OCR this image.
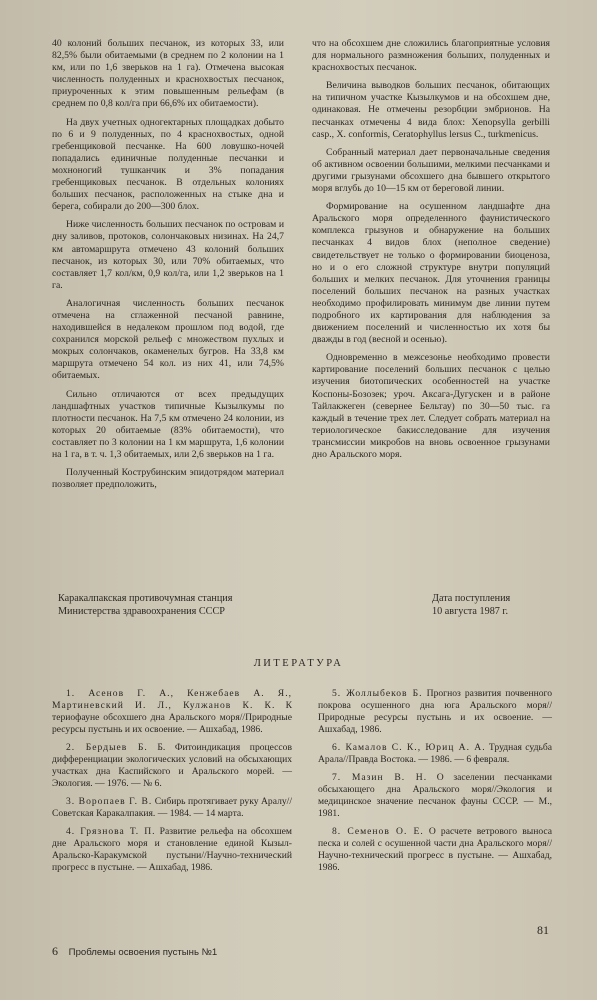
40 колоний больших песчанок, из которых 33, или 82,5% были обитаемыми (в среднем по 2 колонии на 1 км, или по 1,6 зверьков на 1 га). Отмечена высокая численность полуденных и краснохвостых песчанок, приуроченных к этим повышенным рельефам (в среднем по 0,8 кол/га при 66,6% их обитаемости).

На двух учетных одногектарных площадках добыто по 6 и 9 полуденных, по 4 краснохвостых, одной гребенщиковой песчанке. На 600 ловушко-ночей попадались единичные полуденные песчанки и мохноногий тушканчик и 3% попадания гребенщиковых песчанок. В отдельных колониях больших песчанок, расположенных на стыке дна и берега, собирали до 200—300 блох.

Ниже численность больших песчанок по островам и дну заливов, протоков, солончаковых низинах. На 24,7 км автомаршрута отмечено 43 колоний больших песчанок, из которых 30, или 70% обитаемых, что составляет 1,7 кол/км, 0,9 кол/га, или 1,2 зверьков на 1 га.

Аналогичная численность больших песчанок отмечена на сглаженной песчаной равнине, находившейся в недалеком прошлом под водой, где сохранился морской рельеф с множеством пухлых и мокрых солончаков, окаменелых бугров. На 33,8 км маршрута отмечено 54 кол. из них 41, или 74,5% обитаемых.

Сильно отличаются от всех предыдущих ландшафтных участков типичные Кызылкумы по плотности песчанок. На 7,5 км отмечено 24 колонии, из которых 20 обитаемые (83% обитаемости), что составляет по 3 колонии на 1 км маршрута, 1,6 колонии на 1 га, в т. ч. 1,3 обитаемых, или 2,6 зверьков на 1 га.

Полученный Кострубинским эпидотрядом материал позволяет предположить,

что на обсохшем дне сложились благоприятные условия для нормального размножения больших, полуденных и краснохвостых песчанок.

Величина выводков больших песчанок, обитающих на типичном участке Кызылкумов и на обсохшем дне, одинаковая. Не отмечены резорбции эмбрионов. На песчанках отмечены 4 вида блох: Xenopsylla gerbilli casp., X. conformis, Ceratophyllus lersus C., turkmenicus.

Собранный материал дает первоначальные сведения об активном освоении большими, мелкими песчанками и другими грызунами обсохшего дна бывшего открытого моря вглубь до 10—15 км от береговой линии.

Формирование на осушенном ландшафте дна Аральского моря определенного фаунистического комплекса грызунов и обнаружение на больших песчанках 4 видов блох (неполное сведение) свидетельствует не только о формировании биоценоза, но и о его сложной структуре внутри популяций больших и мелких песчанок. Для уточнения границы поселений больших песчанок на разных участках необходимо профилировать минимум две линии путем подробного их картирования для наблюдения за движением поселений и численностью их хотя бы дважды в год (весной и осенью).

Одновременно в межсезонье необходимо провести картирование поселений больших песчанок с целью изучения биотопических особенностей на участке Коспоны-Бозозек; уроч. Аксага-Дугускен и в районе Тайлакжеген (севернее Бельтау) по 30—50 тыс. га каждый в течение трех лет. Следует собрать материал на териологическое бакисследование для изучения трансмиссии микробов на вновь освоенное грызунами дно Аральского моря.

Каракалпакская противочумная станция
Министерства здравоохранения СССР
Дата поступления
10 августа 1987 г.
ЛИТЕРАТУРА

1. Асенов Г. А., Кенжебаев А. Я., Мартиневский И. Л., Кулжанов К. К. К териофауне обсохшего дна Аральского моря//Природные ресурсы пустынь и их освоение. — Ашхабад, 1986.

2. Бердыев Б. Б. Фитоиндикация процессов дифференциации экологических условий на обсыхающих участках дна Каспийского и Аральского морей. — Экология. — 1976. — № 6.

3. Воропаев Г. В. Сибирь протягивает руку Аралу//Советская Каракалпакия. — 1984. — 14 марта.

4. Грязнова Т. П. Развитие рельефа на обсохшем дне Аральского моря и становление единой Кызыл-Аральско-Каракумской пустыни//Научно-технический прогресс в пустыне. — Ашхабад, 1986.

5. Жоллыбеков Б. Прогноз развития почвенного покрова осушенного дна юга Аральского моря//Природные ресурсы пустынь и их освоение. — Ашхабад, 1986.

6. Камалов С. К., Юриц А. А. Трудная судьба Арала//Правда Востока. — 1986. — 6 февраля.

7. Мазин В. Н. О заселении песчанками обсыхающего дна Аральского моря//Экология и медицинское значение песчанок фауны СССР. — М., 1981.

8. Семенов О. Е. О расчете ветрового выноса песка и солей с осушенной части дна Аральского моря//Научно-технический прогресс в пустыне. — Ашхабад, 1986.

81
6 Проблемы освоения пустынь №1
